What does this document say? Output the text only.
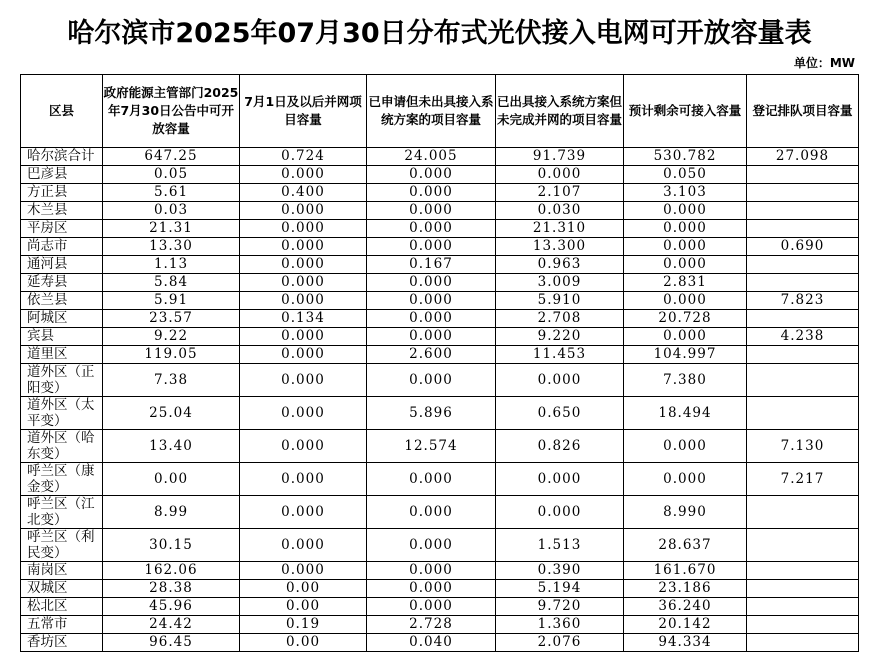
哈尔滨市2025年07月30日分布式光伏接入电网可开放容量表
单位：MW
区县	政府能源主管部门2025年7月30日公告中可开放容量	7月1日及以后并网项目容量	已申请但未出具接入系统方案的项目容量	已出具接入系统方案但未完成并网的项目容量	预计剩余可接入容量	登记排队项目容量
哈尔滨合计	647.25	0.724	24.005	91.739	530.782	27.098
巴彦县	0.05	0.000	0.000	0.000	0.050	
方正县	5.61	0.400	0.000	2.107	3.103	
木兰县	0.03	0.000	0.000	0.030	0.000	
平房区	21.31	0.000	0.000	21.310	0.000	
尚志市	13.30	0.000	0.000	13.300	0.000	0.690
通河县	1.13	0.000	0.167	0.963	0.000	
延寿县	5.84	0.000	0.000	3.009	2.831	
依兰县	5.91	0.000	0.000	5.910	0.000	7.823
阿城区	23.57	0.134	0.000	2.708	20.728	
宾县	9.22	0.000	0.000	9.220	0.000	4.238
道里区	119.05	0.000	2.600	11.453	104.997	
道外区（正阳变）	7.38	0.000	0.000	0.000	7.380	
道外区（太平变）	25.04	0.000	5.896	0.650	18.494	
道外区（哈东变）	13.40	0.000	12.574	0.826	0.000	7.130
呼兰区（康金变）	0.00	0.000	0.000	0.000	0.000	7.217
呼兰区（江北变）	8.99	0.000	0.000	0.000	8.990	
呼兰区（利民变）	30.15	0.000	0.000	1.513	28.637	
南岗区	162.06	0.000	0.000	0.390	161.670	
双城区	28.38	0.00	0.000	5.194	23.186	
松北区	45.96	0.00	0.000	9.720	36.240	
五常市	24.42	0.19	2.728	1.360	20.142	
香坊区	96.45	0.00	0.040	2.076	94.334	
